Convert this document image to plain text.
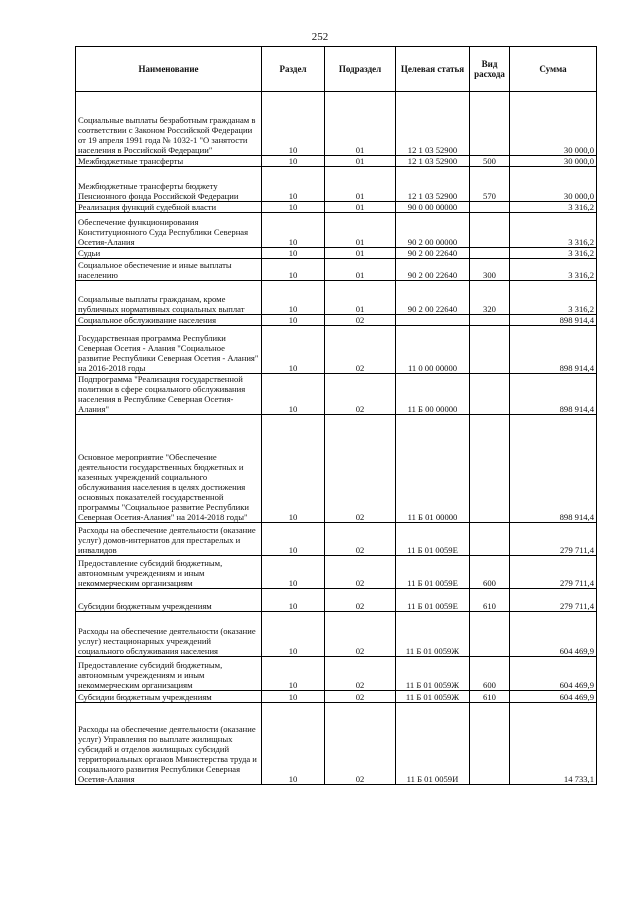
252
Наименование	Раздел	Подраздел	Целевая статья	Вид расхода	Сумма
Социальные выплаты безработным гражданам в соответствии с Законом Российской Федерации от 19 апреля 1991 года № 1032-1 "О занятости населения в Российской Федерации"	10	01	12 1 03 52900		30 000,0
Межбюджетные трансферты	10	01	12 1 03 52900	500	30 000,0
Межбюджетные трансферты бюджету Пенсионного фонда Российской Федерации	10	01	12 1 03 52900	570	30 000,0
Реализация функций судебной власти	10	01	90 0 00 00000		3 316,2
Обеспечение функционирования Конституционного Суда Республики Северная Осетия-Алания	10	01	90 2 00 00000		3 316,2
Судьи	10	01	90 2 00 22640		3 316,2
Социальное обеспечение и иные выплаты населению	10	01	90 2 00 22640	300	3 316,2
Социальные выплаты гражданам, кроме публичных нормативных социальных выплат	10	01	90 2 00 22640	320	3 316,2
Социальное обслуживание населения	10	02			898 914,4
Государственная программа Республики Северная Осетия - Алания "Социальное развитие Республики Северная Осетия - Алания" на 2016-2018 годы	10	02	11 0 00 00000		898 914,4
Подпрограмма "Реализация государственной политики в сфере социального обслуживания населения в Республике Северная Осетия-Алания"	10	02	11 Б 00 00000		898 914,4
Основное мероприятие "Обеспечение деятельности государственных бюджетных и казенных учреждений социального обслуживания населения в целях достижения основных показателей государственной программы "Социальное развитие Республики Северная Осетия-Алания" на 2014-2018 годы"	10	02	11 Б 01 00000		898 914,4
Расходы на обеспечение деятельности (оказание услуг) домов-интернатов для престарелых и инвалидов	10	02	11 Б 01 0059Е		279 711,4
Предоставление субсидий бюджетным, автономным учреждениям и иным некоммерческим организациям	10	02	11 Б 01 0059Е	600	279 711,4
Субсидии бюджетным учреждениям	10	02	11 Б 01 0059Е	610	279 711,4
Расходы на обеспечение деятельности (оказание услуг) нестационарных учреждений социального обслуживания населения	10	02	11 Б 01 0059Ж		604 469,9
Предоставление субсидий бюджетным, автономным учреждениям и иным некоммерческим организациям	10	02	11 Б 01 0059Ж	600	604 469,9
Субсидии бюджетным учреждениям	10	02	11 Б 01 0059Ж	610	604 469,9
Расходы на обеспечение деятельности (оказание услуг) Управления по выплате жилищных субсидий и отделов жилищных субсидий территориальных органов Министерства труда и социального развития Республики Северная Осетия-Алания	10	02	11 Б 01 0059И		14 733,1
